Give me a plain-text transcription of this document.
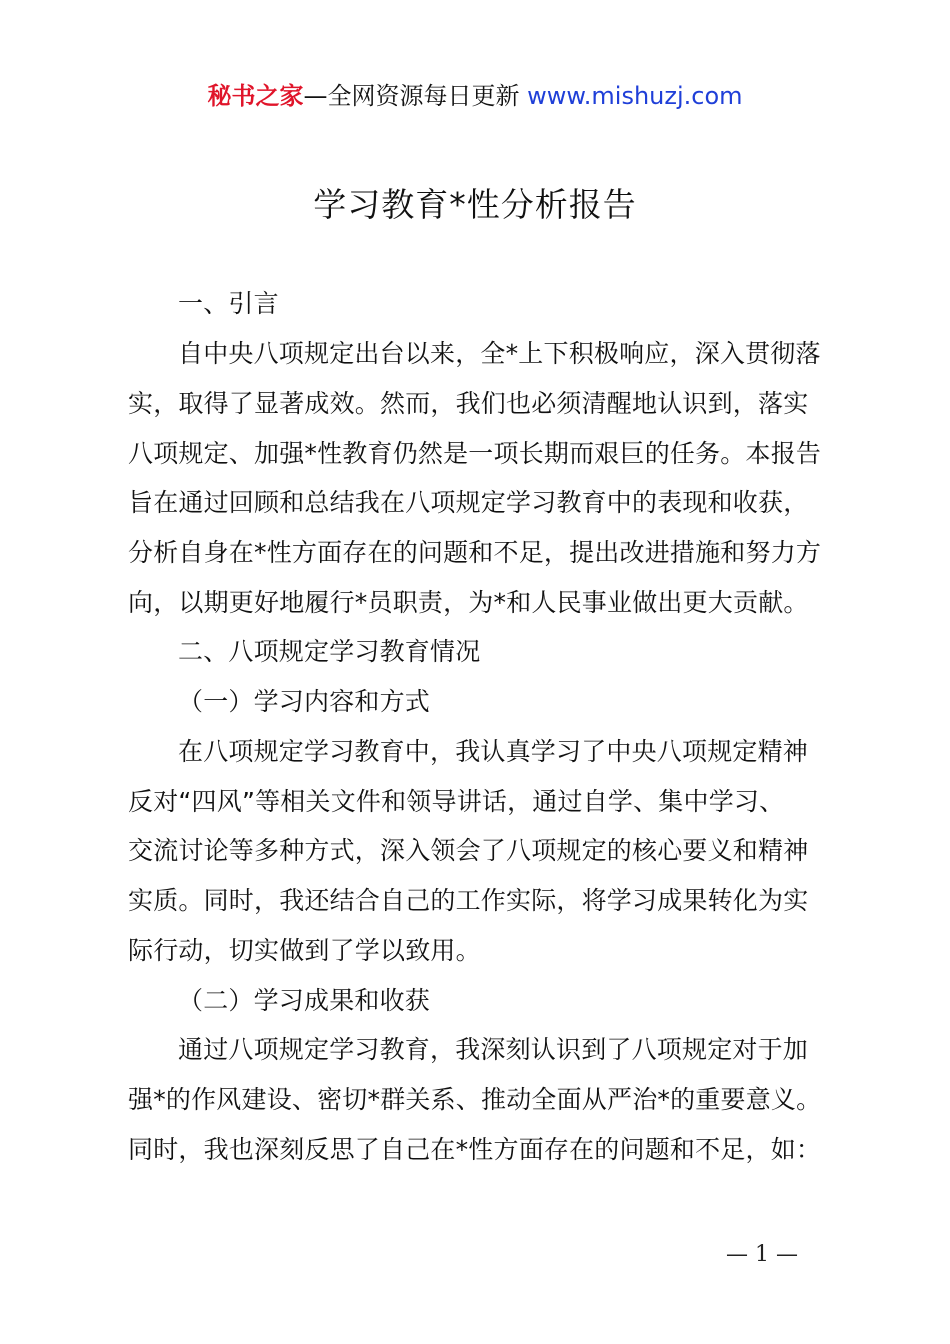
秘书之家—全网资源每日更新 www.mishuzj.com
学习教育*性分析报告
一、引言
自中央八项规定出台以来，全*上下积极响应，深入贯彻落
实，取得了显著成效。然而，我们也必须清醒地认识到，落实
八项规定、加强*性教育仍然是一项长期而艰巨的任务。本报告
旨在通过回顾和总结我在八项规定学习教育中的表现和收获，
分析自身在*性方面存在的问题和不足，提出改进措施和努力方
向，以期更好地履行*员职责，为*和人民事业做出更大贡献。
二、八项规定学习教育情况
（一）学习内容和方式
在八项规定学习教育中，我认真学习了中央八项规定精神
反对“四风”等相关文件和领导讲话，通过自学、集中学习、
交流讨论等多种方式，深入领会了八项规定的核心要义和精神
实质。同时，我还结合自己的工作实际，将学习成果转化为实
际行动，切实做到了学以致用。
（二）学习成果和收获
通过八项规定学习教育，我深刻认识到了八项规定对于加
强*的作风建设、密切*群关系、推动全面从严治*的重要意义。
同时，我也深刻反思了自己在*性方面存在的问题和不足，如：
— 1 —
